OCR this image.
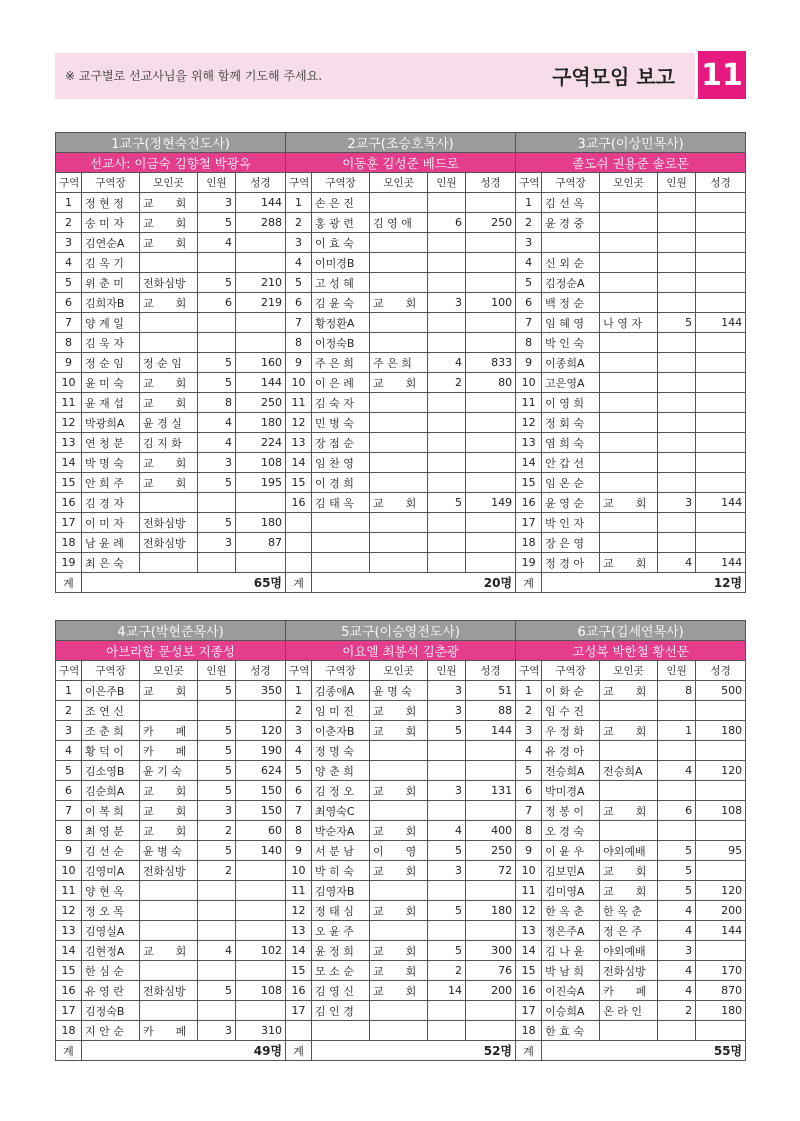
※ 교구별로 선교사님을 위해 함께 기도해 주세요.	구역모임 보고 11
1교구(정현숙전도사)					2교구(조승호목사)					3교구(이상민목사)				
선교사: 이금숙 김향철 박광옥					이동훈 김성준 베드로					졸도쉬 권용준 솔로몬				
구역	구역장	모인곳	인원	성경	구역	구역장	모인곳	인원	성경	구역	구역장	모인곳	인원	성경
1	정 현 정	교　　회	3	144	1	손 은 진				1	김 선 옥			
2	송 미 자	교　　회	5	288	2	홍 광 련	김 영 애	6	250	2	윤 경 중			
3	김연순A	교　　회	4		3	이 효 숙				3				
4	김 옥 기				4	이미경B				4	신 외 순			
5	위 춘 미	전화심방	5	210	5	고 성 혜				5	김정순A			
6	김희자B	교　　회	6	219	6	김 윤 숙	교　　회	3	100	6	백 정 순			
7	양 계 일				7	황정환A				7	임 혜 영	나 영 자	5	144
8	김 욱 자				8	이정숙B				8	박 인 숙			
9	정 순 임	정 순 임	5	160	9	주 은 희	주 은 희	4	833	9	이종희A			
10	윤 미 숙	교　　회	5	144	10	이 은 례	교　　회	2	80	10	고은영A			
11	윤 재 섭	교　　회	8	250	11	김 숙 자				11	이 영 희			
12	박광희A	윤 경 실	4	180	12	민 병 숙				12	정 회 숙			
13	연 청 분	김 지 화	4	224	13	장 점 순				13	염 희 숙			
14	박 명 숙	교　　회	3	108	14	임 찬 영				14	안 갑 선			
15	안 희 주	교　　회	5	195	15	이 경 희				15	임 온 순			
16	김 경 자				16	김 태 옥	교　　회	5	149	16	윤 영 순	교　　회	3	144
17	이 미 자	전화심방	5	180						17	박 인 자			
18	남 윤 례	전화심방	3	87						18	장 은 영			
19	최 은 숙									19	정 경 아	교　　회	4	144
계	65명				계	20명				계	12명			
4교구(박현준목사)					5교구(이승영전도사)					6교구(김세연목사)				
아브라함 문성보 지종성					이요엘 최봉석 김춘광					고성복 박한철 황선문				
구역	구역장	모인곳	인원	성경	구역	구역장	모인곳	인원	성경	구역	구역장	모인곳	인원	성경
1	이은주B	교　　회	5	350	1	김종애A	윤 명 숙	3	51	1	이 화 순	교　　회	8	500
2	조 연 신				2	임 미 진	교　　회	3	88	2	임 수 진			
3	조 춘 희	카　　페	5	120	3	이춘자B	교　　회	5	144	3	우 정 화	교　　회	1	180
4	황 덕 이	카　　페	5	190	4	정 명 숙				4	유 경 아			
5	김소영B	윤 기 숙	5	624	5	양 춘 희				5	전승희A	전승희A	4	120
6	김순희A	교　　회	5	150	6	김 정 오	교　　회	3	131	6	박미경A			
7	이 복 희	교　　회	3	150	7	최영숙C				7	정 봉 이	교　　회	6	108
8	최 영 분	교　　회	2	60	8	박순자A	교　　회	4	400	8	오 경 숙			
9	김 선 순	윤 병 숙	5	140	9	서 분 남	이　　영	5	250	9	이 윤 우	야외예배	5	95
10	김영미A	전화심방	2		10	박 히 숙	교　　회	3	72	10	김보민A	교　　회	5	
11	양 현 옥				11	김영자B				11	김미영A	교　　회	5	120
12	정 오 목				12	정 태 심	교　　회	5	180	12	한 옥 춘	한 옥 춘	4	200
13	김영실A				13	오 윤 주				13	정은주A	정 은 주	4	144
14	김현정A	교　　회	4	102	14	윤 정 희	교　　회	5	300	14	김 나 윤	야외예배	3	
15	한 심 순				15	모 소 순	교　　회	2	76	15	박 남 희	전화심방	4	170
16	유 영 란	전화심방	5	108	16	김 영 신	교　　회	14	200	16	이진숙A	카　　페	4	870
17	김정숙B				17	김 인 경				17	이승희A	온 라 인	2	180
18	지 안 순	카　　페	3	310						18	한 효 숙			
계	49명				계	52명				계	55명			
